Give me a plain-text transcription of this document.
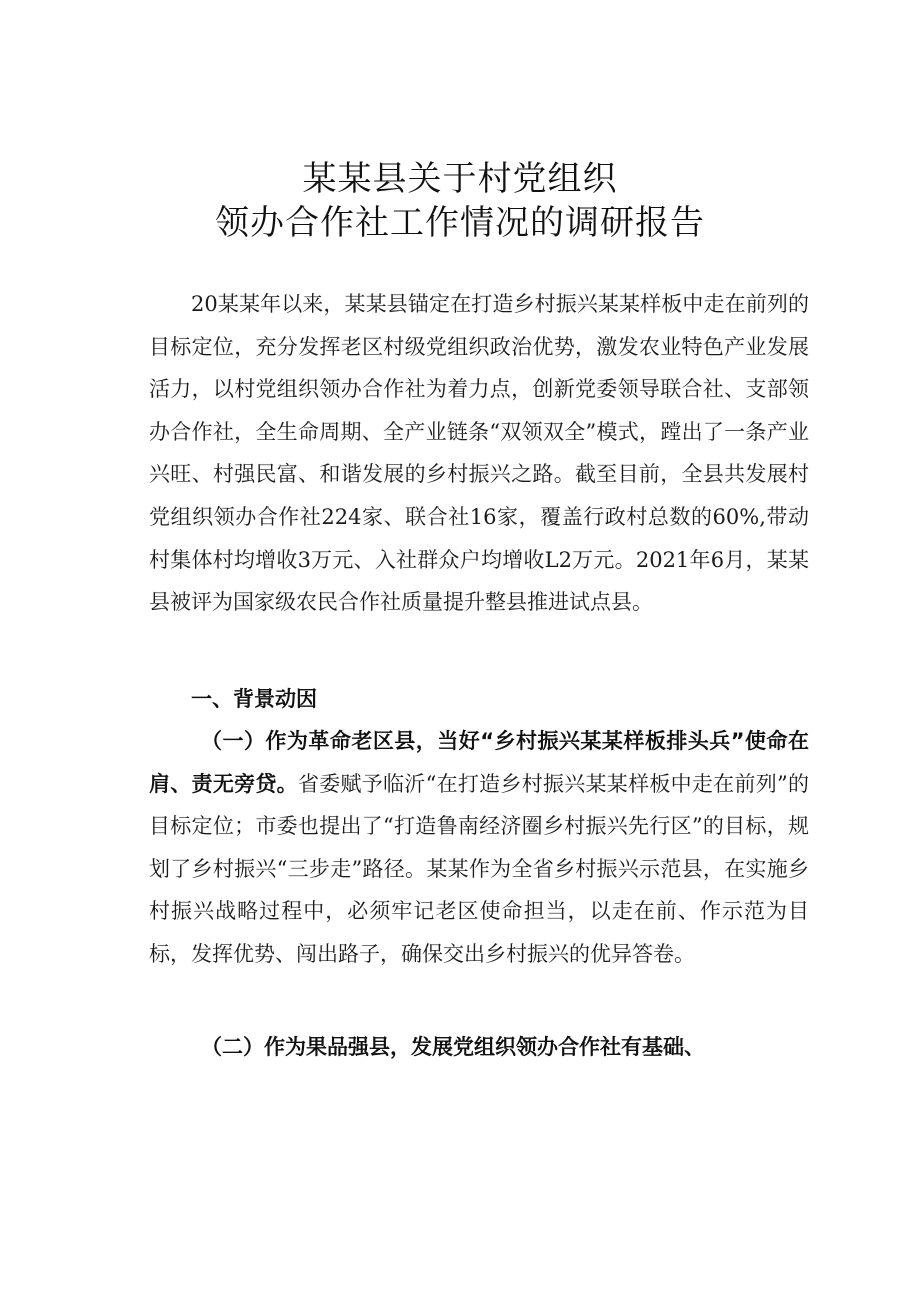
某某县关于村党组织
领办合作社工作情况的调研报告

20某某年以来，某某县锚定在打造乡村振兴某某样板中走在前列的目标定位，充分发挥老区村级党组织政治优势，激发农业特色产业发展活力，以村党组织领办合作社为着力点，创新党委领导联合社、支部领办合作社，全生命周期、全产业链条“双领双全”模式，蹚出了一条产业兴旺、村强民富、和谐发展的乡村振兴之路。截至目前，全县共发展村党组织领办合作社224家、联合社16家，覆盖行政村总数的60%,带动村集体村均增收3万元、入社群众户均增收L2万元。2021年6月，某某县被评为国家级农民合作社质量提升整县推进试点县。

一、背景动因

（一）作为革命老区县，当好“乡村振兴某某样板排头兵”使命在肩、责无旁贷。省委赋予临沂“在打造乡村振兴某某样板中走在前列”的目标定位；市委也提出了“打造鲁南经济圈乡村振兴先行区”的目标，规划了乡村振兴“三步走”路径。某某作为全省乡村振兴示范县，在实施乡村振兴战略过程中，必须牢记老区使命担当，以走在前、作示范为目标，发挥优势、闯出路子，确保交出乡村振兴的优异答卷。

（二）作为果品强县，发展党组织领办合作社有基础、
